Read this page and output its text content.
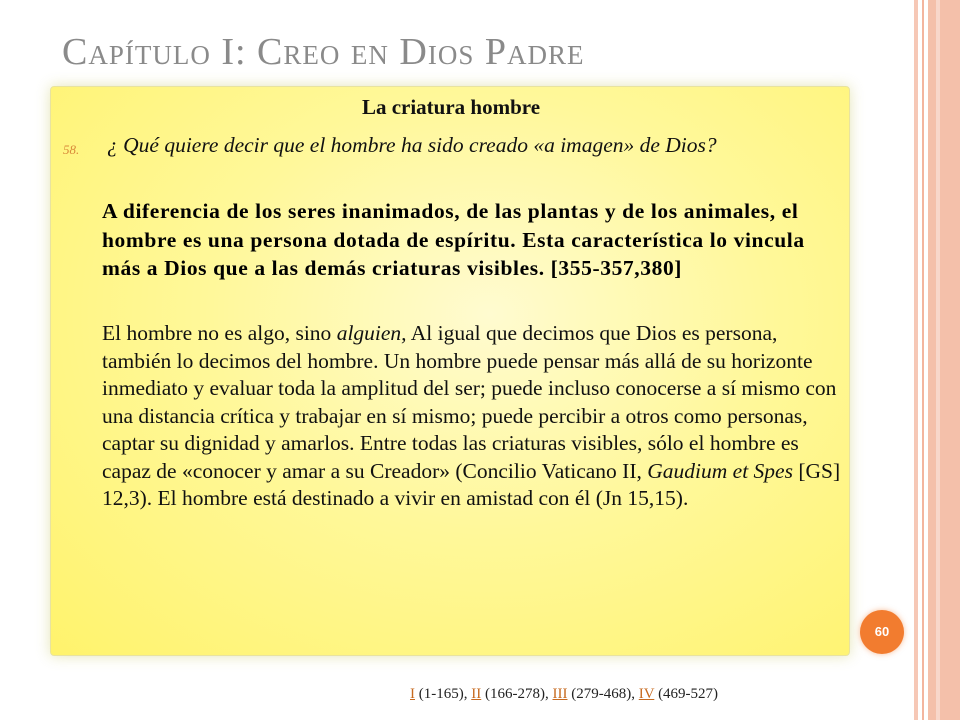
Capítulo I: Creo en Dios Padre
La criatura hombre
58. ¿ Qué quiere decir que el hombre ha sido creado «a imagen» de Dios?
A diferencia de los seres inanimados, de las plantas y de los animales, el hombre es una persona dotada de espíritu. Esta característica lo vincula más a Dios que a las demás criaturas visibles. [355-357,380]
El hombre no es algo, sino alguien, Al igual que decimos que Dios es persona, también lo decimos del hombre. Un hombre puede pensar más allá de su horizonte inmediato y evaluar toda la amplitud del ser; puede incluso conocerse a sí mismo con una distancia crítica y trabajar en sí mismo; puede percibir a otros como personas, captar su dignidad y amarlos. Entre todas las criaturas visibles, sólo el hombre es capaz de «conocer y amar a su Creador» (Concilio Vaticano II, Gaudium et Spes [GS] 12,3). El hombre está destinado a vivir en amistad con él (Jn 15,15).
60
I (1-165), II (166-278), III (279-468), IV (469-527)
